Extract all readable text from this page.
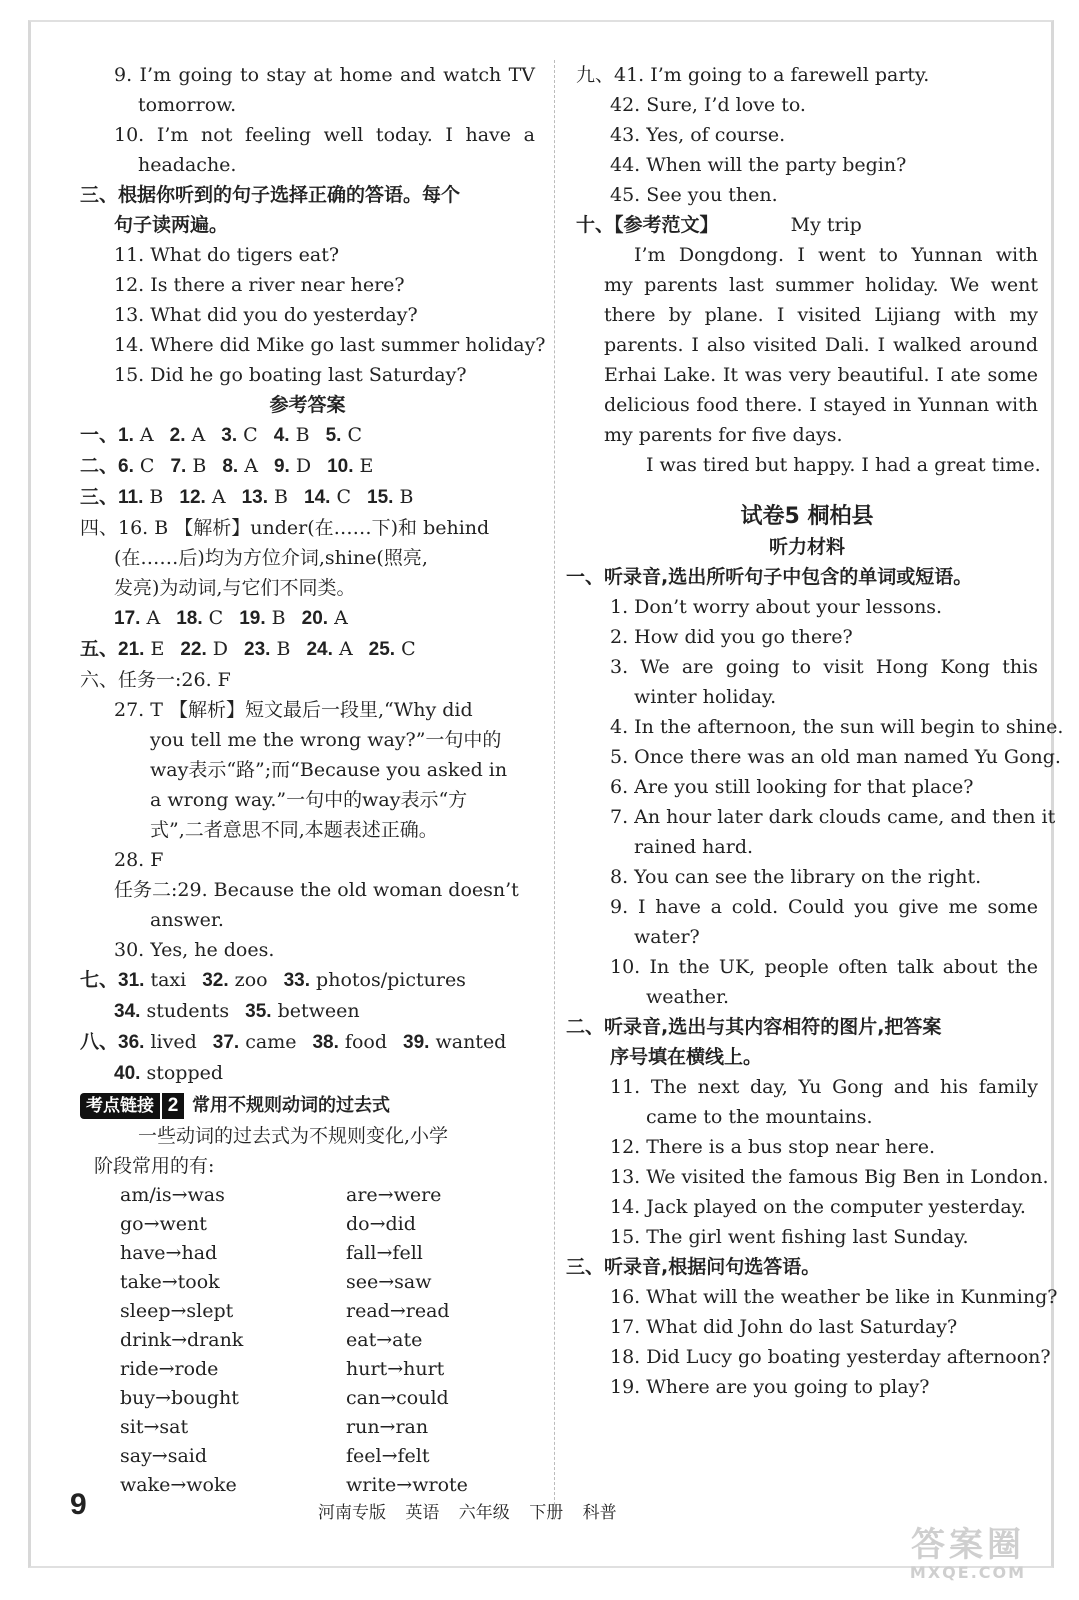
9. I’m going to stay at home and watch TV
tomorrow.
10. I’m not feeling well today. I have a
headache.
三、根据你听到的句子选择正确的答语。每个
句子读两遍。
11. What do tigers eat?
12. Is there a river near here?
13. What did you do yesterday?
14. Where did Mike go last summer holiday?
15. Did he go boating last Saturday?
参考答案
一、1. A 2. A 3. C 4. B 5. C
二、6. C 7. B 8. A 9. D 10. E
三、11. B 12. A 13. B 14. C 15. B
四、16. B 【解析】under(在……下)和 behind
(在……后)均为方位介词,shine(照亮,
发亮)为动词,与它们不同类。
17. A 18. C 19. B 20. A
五、21. E 22. D 23. B 24. A 25. C
六、任务一:26. F
27. T 【解析】短文最后一段里,“Why did
you tell me the wrong way?”一句中的
way表示“路”;而“Because you asked in
a wrong way.”一句中的way表示“方
式”,二者意思不同,本题表述正确。
28. F
任务二:29. Because the old woman doesn’t
answer.
30. Yes, he does.
七、31. taxi 32. zoo 33. photos/pictures
34. students 35. between
八、36. lived 37. came 38. food 39. wanted
40. stopped
考点链接 2 常用不规则动词的过去式
一些动词的过去式为不规则变化,小学
阶段常用的有:
am/is→was	are→were
go→went	do→did
have→had	fall→fell
take→took	see→saw
sleep→slept	read→read
drink→drank	eat→ate
ride→rode	hurt→hurt
buy→bought	can→could
sit→sat	run→ran
say→said	feel→felt
wake→woke	write→wrote
九、41. I’m going to a farewell party.
42. Sure, I’d love to.
43. Yes, of course.
44. When will the party begin?
45. See you then.
十、【参考范文】	My trip
I’m Dongdong. I went to Yunnan with
my parents last summer holiday. We went
there by plane. I visited Lijiang with my
parents. I also visited Dali. I walked around
Erhai Lake. It was very beautiful. I ate some
delicious food there. I stayed in Yunnan with
my parents for five days.
I was tired but happy. I had a great time.
试卷5 桐柏县
听力材料
一、听录音,选出所听句子中包含的单词或短语。
1. Don’t worry about your lessons.
2. How did you go there?
3. We are going to visit Hong Kong this
winter holiday.
4. In the afternoon, the sun will begin to shine.
5. Once there was an old man named Yu Gong.
6. Are you still looking for that place?
7. An hour later dark clouds came, and then it
rained hard.
8. You can see the library on the right.
9. I have a cold. Could you give me some
water?
10. In the UK, people often talk about the
weather.
二、听录音,选出与其内容相符的图片,把答案
序号填在横线上。
11. The next day, Yu Gong and his family
came to the mountains.
12. There is a bus stop near here.
13. We visited the famous Big Ben in London.
14. Jack played on the computer yesterday.
15. The girl went fishing last Sunday.
三、听录音,根据问句选答语。
16. What will the weather be like in Kunming?
17. What did John do last Saturday?
18. Did Lucy go boating yesterday afternoon?
19. Where are you going to play?
9	河南专版 英语 六年级 下册 科普
答案圈
MXQE.COM
